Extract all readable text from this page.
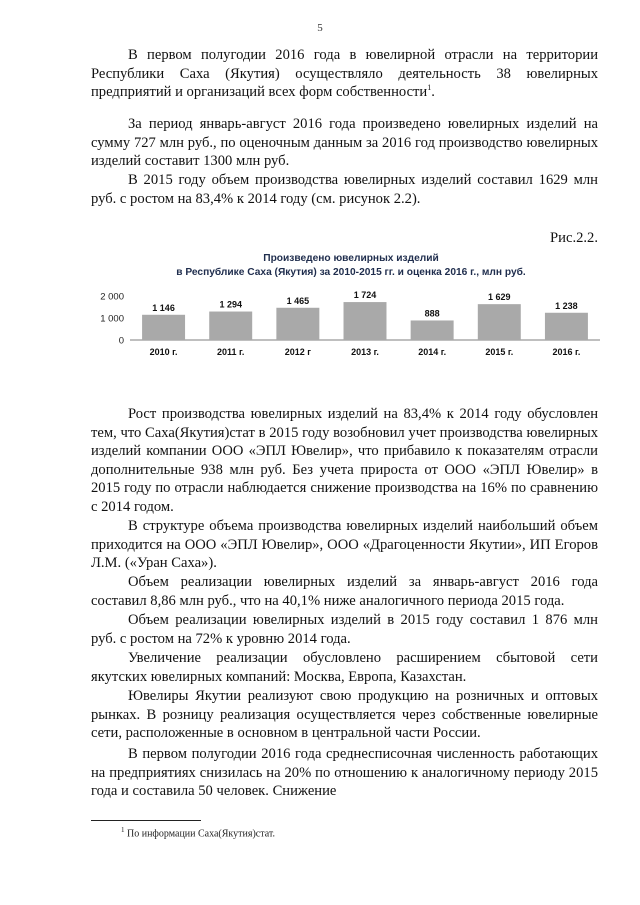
5

В первом полугодии 2016 года в ювелирной отрасли на территории Республики Саха (Якутия) осуществляло деятельность 38 ювелирных предприятий и организаций всех форм собственности$^1$.

За период январь-август 2016 года произведено ювелирных изделий на сумму 727 млн руб., по оценочным данным за 2016 год производство ювелирных изделий составит 1300 млн руб.

В 2015 году объем производства ювелирных изделий составил 1629 млн руб. с ростом на 83,4% к 2014 году (см. рисунок 2.2).

Рис.2.2.
Произведено ювелирных изделий
в Республике Саха (Якутия) за 2010-2015 гг. и оценка 2016 г., млн руб.
0
1 000
2 000
1 146	1 294	1 465
1 724
888
1 629
1 238
2010 г.	2011 г.	2012 г	2013 г.	2014 г.	2015 г.	2016 г.

Рост производства ювелирных изделий на 83,4% к 2014 году обусловлен тем, что Саха(Якутия)стат в 2015 году возобновил учет производства ювелирных изделий компании ООО «ЭПЛ Ювелир», что прибавило к показателям отрасли дополнительные 938 млн руб. Без учета прироста от ООО «ЭПЛ Ювелир» в 2015 году по отрасли наблюдается снижение производства на 16% по сравнению с 2014 годом.

В структуре объема производства ювелирных изделий наибольший объем приходится на ООО «ЭПЛ Ювелир», ООО «Драгоценности Якутии», ИП Егоров Л.М. («Уран Саха»).

Объем реализации ювелирных изделий за январь-август 2016 года составил 8,86 млн руб., что на 40,1% ниже аналогичного периода 2015 года.

Объем реализации ювелирных изделий в 2015 году составил 1 876 млн руб. с ростом на 72% к уровню 2014 года.

Увеличение реализации обусловлено расширением сбытовой сети якутских ювелирных компаний: Москва, Европа, Казахстан.

Ювелиры Якутии реализуют свою продукцию на розничных и оптовых рынках. В розницу реализация осуществляется через собственные ювелирные сети, расположенные в основном в центральной части России.

В первом полугодии 2016 года среднесписочная численность работающих на предприятиях снизилась на 20% по отношению к аналогичному периоду 2015 года и составила 50 человек. Снижение

$^1$ По информации Саха(Якутия)стат.
